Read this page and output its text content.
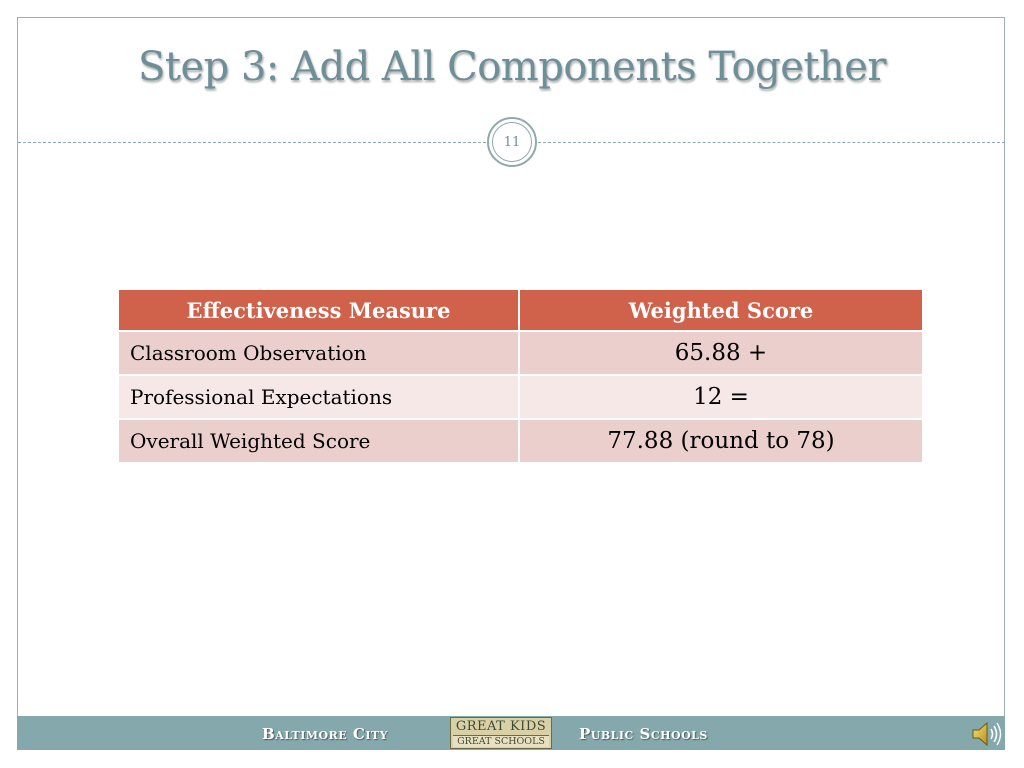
Step 3: Add All Components Together
11
Effectiveness Measure	Weighted Score
Classroom Observation	65.88 +
Professional Expectations	12 =
Overall Weighted Score	77.88 (round to 78)
Baltimore City	GREAT KIDS
GREAT SCHOOLS Public Schools
